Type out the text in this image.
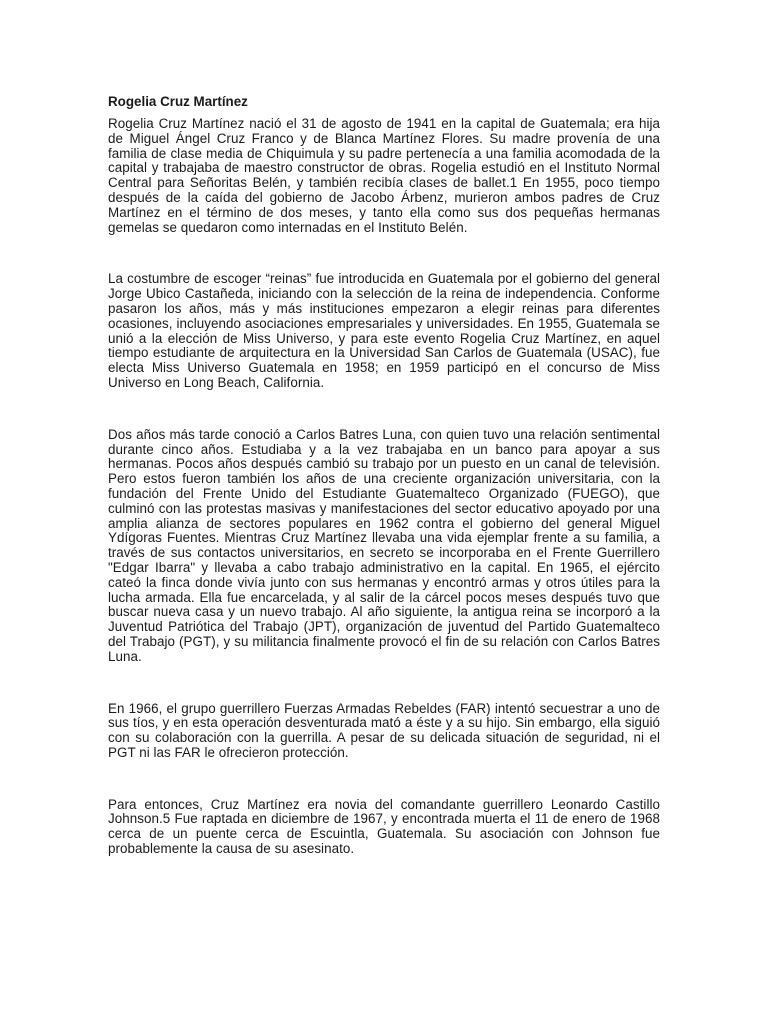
Rogelia Cruz Martínez

Rogelia Cruz Martínez nació el 31 de agosto de 1941 en la capital de Guatemala; era hija de Miguel Ángel Cruz Franco y de Blanca Martínez Flores. Su madre provenía de una familia de clase media de Chiquimula y su padre pertenecía a una familia acomodada de la capital y trabajaba de maestro constructor de obras. Rogelia estudió en el Instituto Normal Central para Señoritas Belén, y también recibía clases de ballet.1 En 1955, poco tiempo después de la caída del gobierno de Jacobo Árbenz, murieron ambos padres de Cruz Martínez en el término de dos meses, y tanto ella como sus dos pequeñas hermanas gemelas se quedaron como internadas en el Instituto Belén.

La costumbre de escoger “reinas” fue introducida en Guatemala por el gobierno del general Jorge Ubico Castañeda, iniciando con la selección de la reina de independencia. Conforme pasaron los años, más y más instituciones empezaron a elegir reinas para diferentes ocasiones, incluyendo asociaciones empresariales y universidades. En 1955, Guatemala se unió a la elección de Miss Universo, y para este evento Rogelia Cruz Martínez, en aquel tiempo estudiante de arquitectura en la Universidad San Carlos de Guatemala (USAC), fue electa Miss Universo Guatemala en 1958; en 1959 participó en el concurso de Miss Universo en Long Beach, California.

Dos años más tarde conoció a Carlos Batres Luna, con quien tuvo una relación sentimental durante cinco años. Estudiaba y a la vez trabajaba en un banco para apoyar a sus hermanas. Pocos años después cambió su trabajo por un puesto en un canal de televisión. Pero estos fueron también los años de una creciente organización universitaria, con la fundación del Frente Unido del Estudiante Guatemalteco Organizado (FUEGO), que culminó con las protestas masivas y manifestaciones del sector educativo apoyado por una amplia alianza de sectores populares en 1962 contra el gobierno del general Miguel Ydígoras Fuentes. Mientras Cruz Martínez llevaba una vida ejemplar frente a su familia, a través de sus contactos universitarios, en secreto se incorporaba en el Frente Guerrillero "Edgar Ibarra" y llevaba a cabo trabajo administrativo en la capital. En 1965, el ejército cateó la finca donde vivía junto con sus hermanas y encontró armas y otros útiles para la lucha armada. Ella fue encarcelada, y al salir de la cárcel pocos meses después tuvo que buscar nueva casa y un nuevo trabajo. Al año siguiente, la antigua reina se incorporó a la Juventud Patriótica del Trabajo (JPT), organización de juventud del Partido Guatemalteco del Trabajo (PGT), y su militancia finalmente provocó el fin de su relación con Carlos Batres Luna.

En 1966, el grupo guerrillero Fuerzas Armadas Rebeldes (FAR) intentó secuestrar a uno de sus tíos, y en esta operación desventurada mató a éste y a su hijo. Sin embargo, ella siguió con su colaboración con la guerrilla. A pesar de su delicada situación de seguridad, ni el PGT ni las FAR le ofrecieron protección.

Para entonces, Cruz Martínez era novia del comandante guerrillero Leonardo Castillo Johnson.5 Fue raptada en diciembre de 1967, y encontrada muerta el 11 de enero de 1968 cerca de un puente cerca de Escuintla, Guatemala. Su asociación con Johnson fue probablemente la causa de su asesinato.
